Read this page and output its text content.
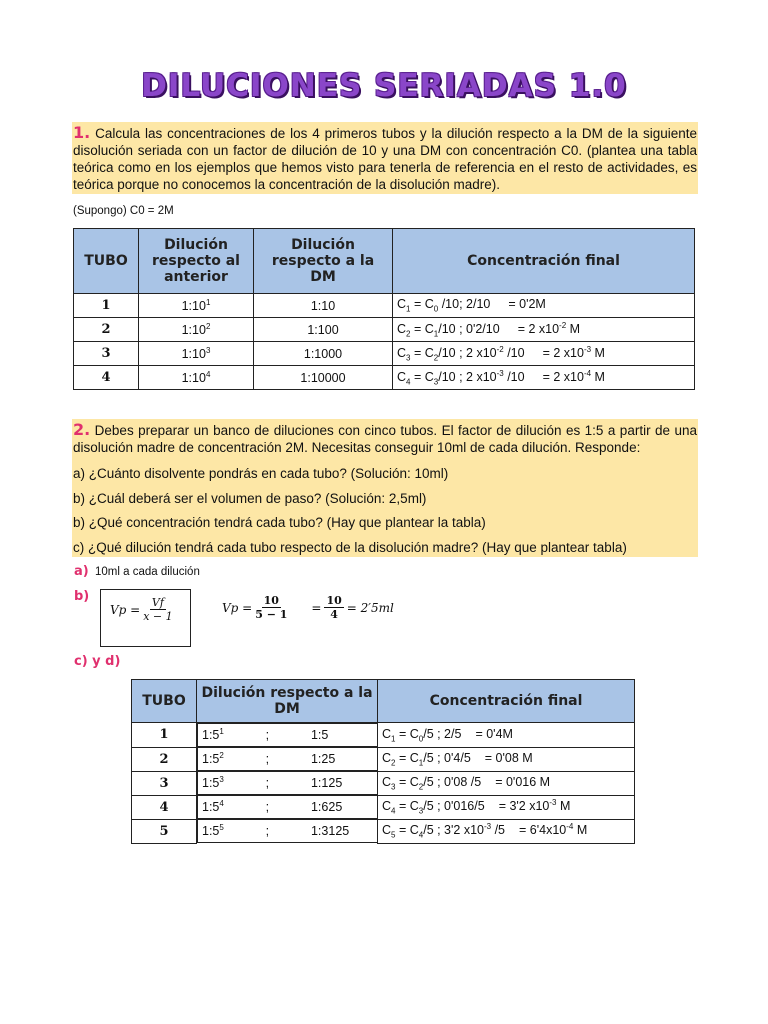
DILUCIONES SERIADAS 1.0
1. Calcula las concentraciones de los 4 primeros tubos y la dilución respecto a la DM de la siguiente disolución seriada con un factor de dilución de 10 y una DM con concentración C0. (plantea una tabla teórica como en los ejemplos que hemos visto para tenerla de referencia en el resto de actividades, es teórica porque no conocemos la concentración de la disolución madre).
(Supongo) C0 = 2M
TUBO	Dilución respecto al anterior	Dilución respecto a la DM	Concentración final
1	$1:10^1$	1:10	$C_1 = C_0$ /10; 2/10 = 0'2M
2	$1:10^2$	1:100	$C_2 = C_1/10$ ; 0'2/10 = 2 $x10^{-2}$ M
3	$1:10^3$	1:1000	$C_3 = C_2/10$ ; 2 $x10^{-2}$ /10 = 2 $x10^{-3}$ M
4	$1:10^4$	1:10000	$C_4 = C_3/10$ ; 2 $x10^{-3}$ /10 = 2 $x10^{-4}$ M
2. Debes preparar un banco de diluciones con cinco tubos. El factor de dilución es 1:5 a partir de una disolución madre de concentración 2M. Necesitas conseguir 10ml de cada dilución. Responde:
a) ¿Cuánto disolvente pondrás en cada tubo? (Solución: 10ml)
b) ¿Cuál deberá ser el volumen de paso? (Solución: 2,5ml)
b) ¿Qué concentración tendrá cada tubo? (Hay que plantear la tabla)
c) ¿Qué dilución tendrá cada tubo respecto de la disolución madre? (Hay que plantear tabla)
a) 10ml a cada dilución
b)
$Vp = \frac{Vf}{x - 1}$	$Vp = \frac{10}{5 - 1} = \frac{10}{4} = 2'5ml$
c) y d)
TUBO	Dilución respecto a la DM	Concentración final
1		$1:5^1$	;	1:5	$C_1 = C_0/5$ ; 2/5 = 0'4M
2		$1:5^2$	;	1:25	$C_2 = C_1/5$ ; 0'4/5 = 0'08 M
3		$1:5^3$	;	1:125	$C_3 = C_2/5$ ; 0'08 /5 = 0'016 M
4		$1:5^4$	;	1:625	$C_4 = C_3/5$ ; 0'016/5 = 3'2 $x10^{-3}$ M
5		$1:5^5$	;	1:3125	$C_5 = C_4/5$ ; 3'2 $x10^{-3}$ $/5 = 6'4x10^{-4}$ M
